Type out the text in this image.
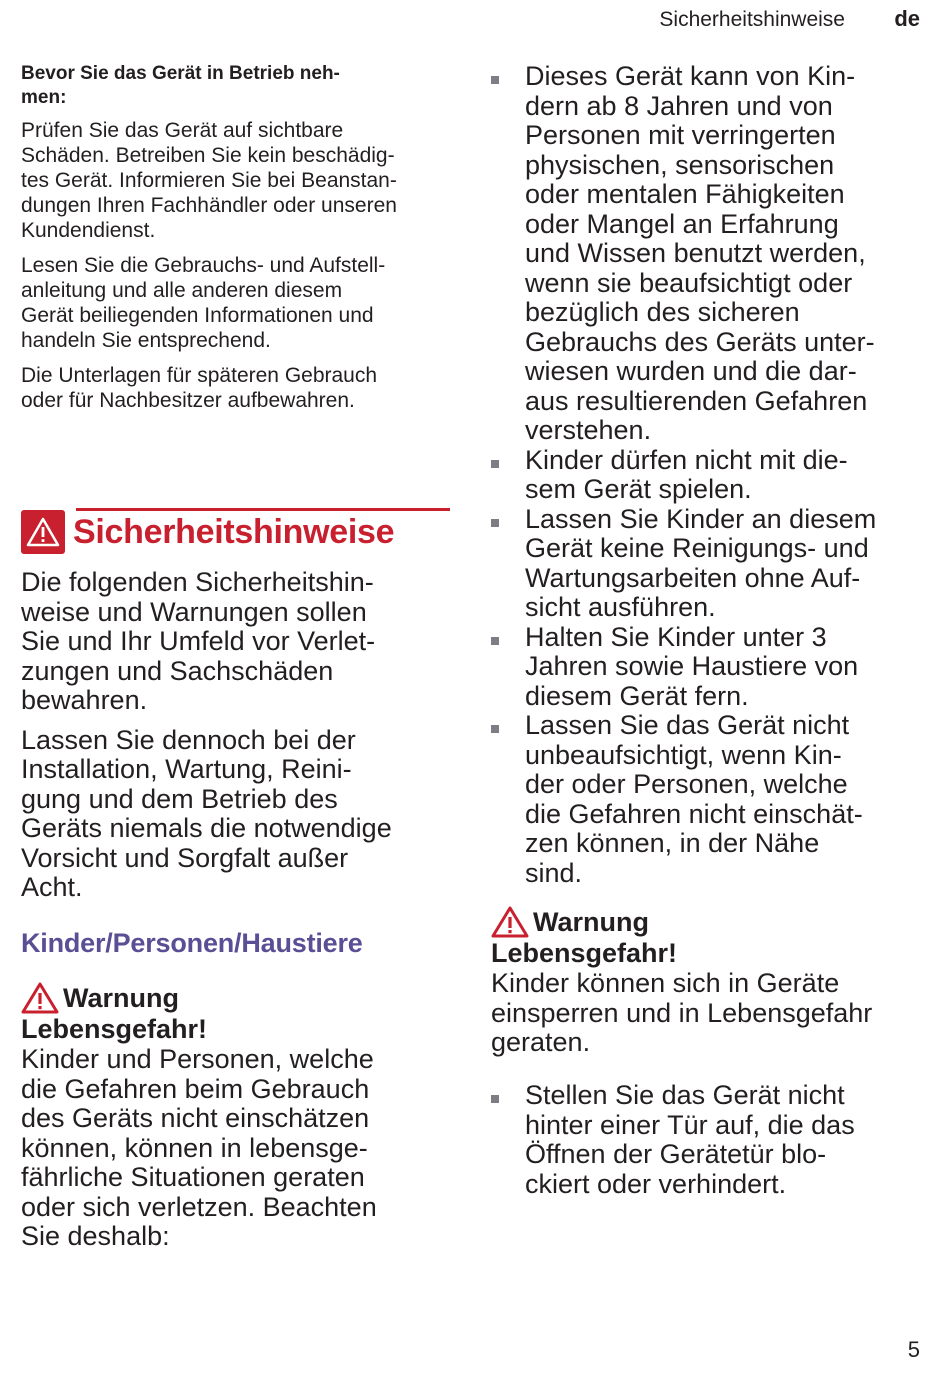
Sicherheitshinweise de

Bevor Sie das Gerät in Betrieb neh-
men:

Prüfen Sie das Gerät auf sichtbare
Schäden. Betreiben Sie kein beschädig-
tes Gerät. Informieren Sie bei Beanstan-
dungen Ihren Fachhändler oder unseren
Kundendienst.

Lesen Sie die Gebrauchs- und Aufstell-
anleitung und alle anderen diesem
Gerät beiliegenden Informationen und
handeln Sie entsprechend.

Die Unterlagen für späteren Gebrauch
oder für Nachbesitzer aufbewahren.

Sicherheitshinweise

Die folgenden Sicherheitshin-
weise und Warnungen sollen
Sie und Ihr Umfeld vor Verlet-
zungen und Sachschäden
bewahren.

Lassen Sie dennoch bei der
Installation, Wartung, Reini-
gung und dem Betrieb des
Geräts niemals die notwendige
Vorsicht und Sorgfalt außer
Acht.

Kinder/Personen/Haustiere

Warnung

Lebensgefahr!

Kinder und Personen, welche
die Gefahren beim Gebrauch
des Geräts nicht einschätzen
können, können in lebensge-
fährliche Situationen geraten
oder sich verletzen. Beachten
Sie deshalb:

Dieses Gerät kann von Kin-
dern ab 8 Jahren und von
Personen mit verringerten
physischen, sensorischen
oder mentalen Fähigkeiten
oder Mangel an Erfahrung
und Wissen benutzt werden,
wenn sie beaufsichtigt oder
bezüglich des sicheren
Gebrauchs des Geräts unter-
wiesen wurden und die dar-
aus resultierenden Gefahren
verstehen.
Kinder dürfen nicht mit die-
sem Gerät spielen.
Lassen Sie Kinder an diesem
Gerät keine Reinigungs- und
Wartungsarbeiten ohne Auf-
sicht ausführen.
Halten Sie Kinder unter 3
Jahren sowie Haustiere von
diesem Gerät fern.
Lassen Sie das Gerät nicht
unbeaufsichtigt, wenn Kin-
der oder Personen, welche
die Gefahren nicht einschät-
zen können, in der Nähe
sind.
Warnung

Lebensgefahr!

Kinder können sich in Geräte
einsperren und in Lebensgefahr
geraten.

Stellen Sie das Gerät nicht
hinter einer Tür auf, die das
Öffnen der Gerätetür blo-
ckiert oder verhindert.
5
